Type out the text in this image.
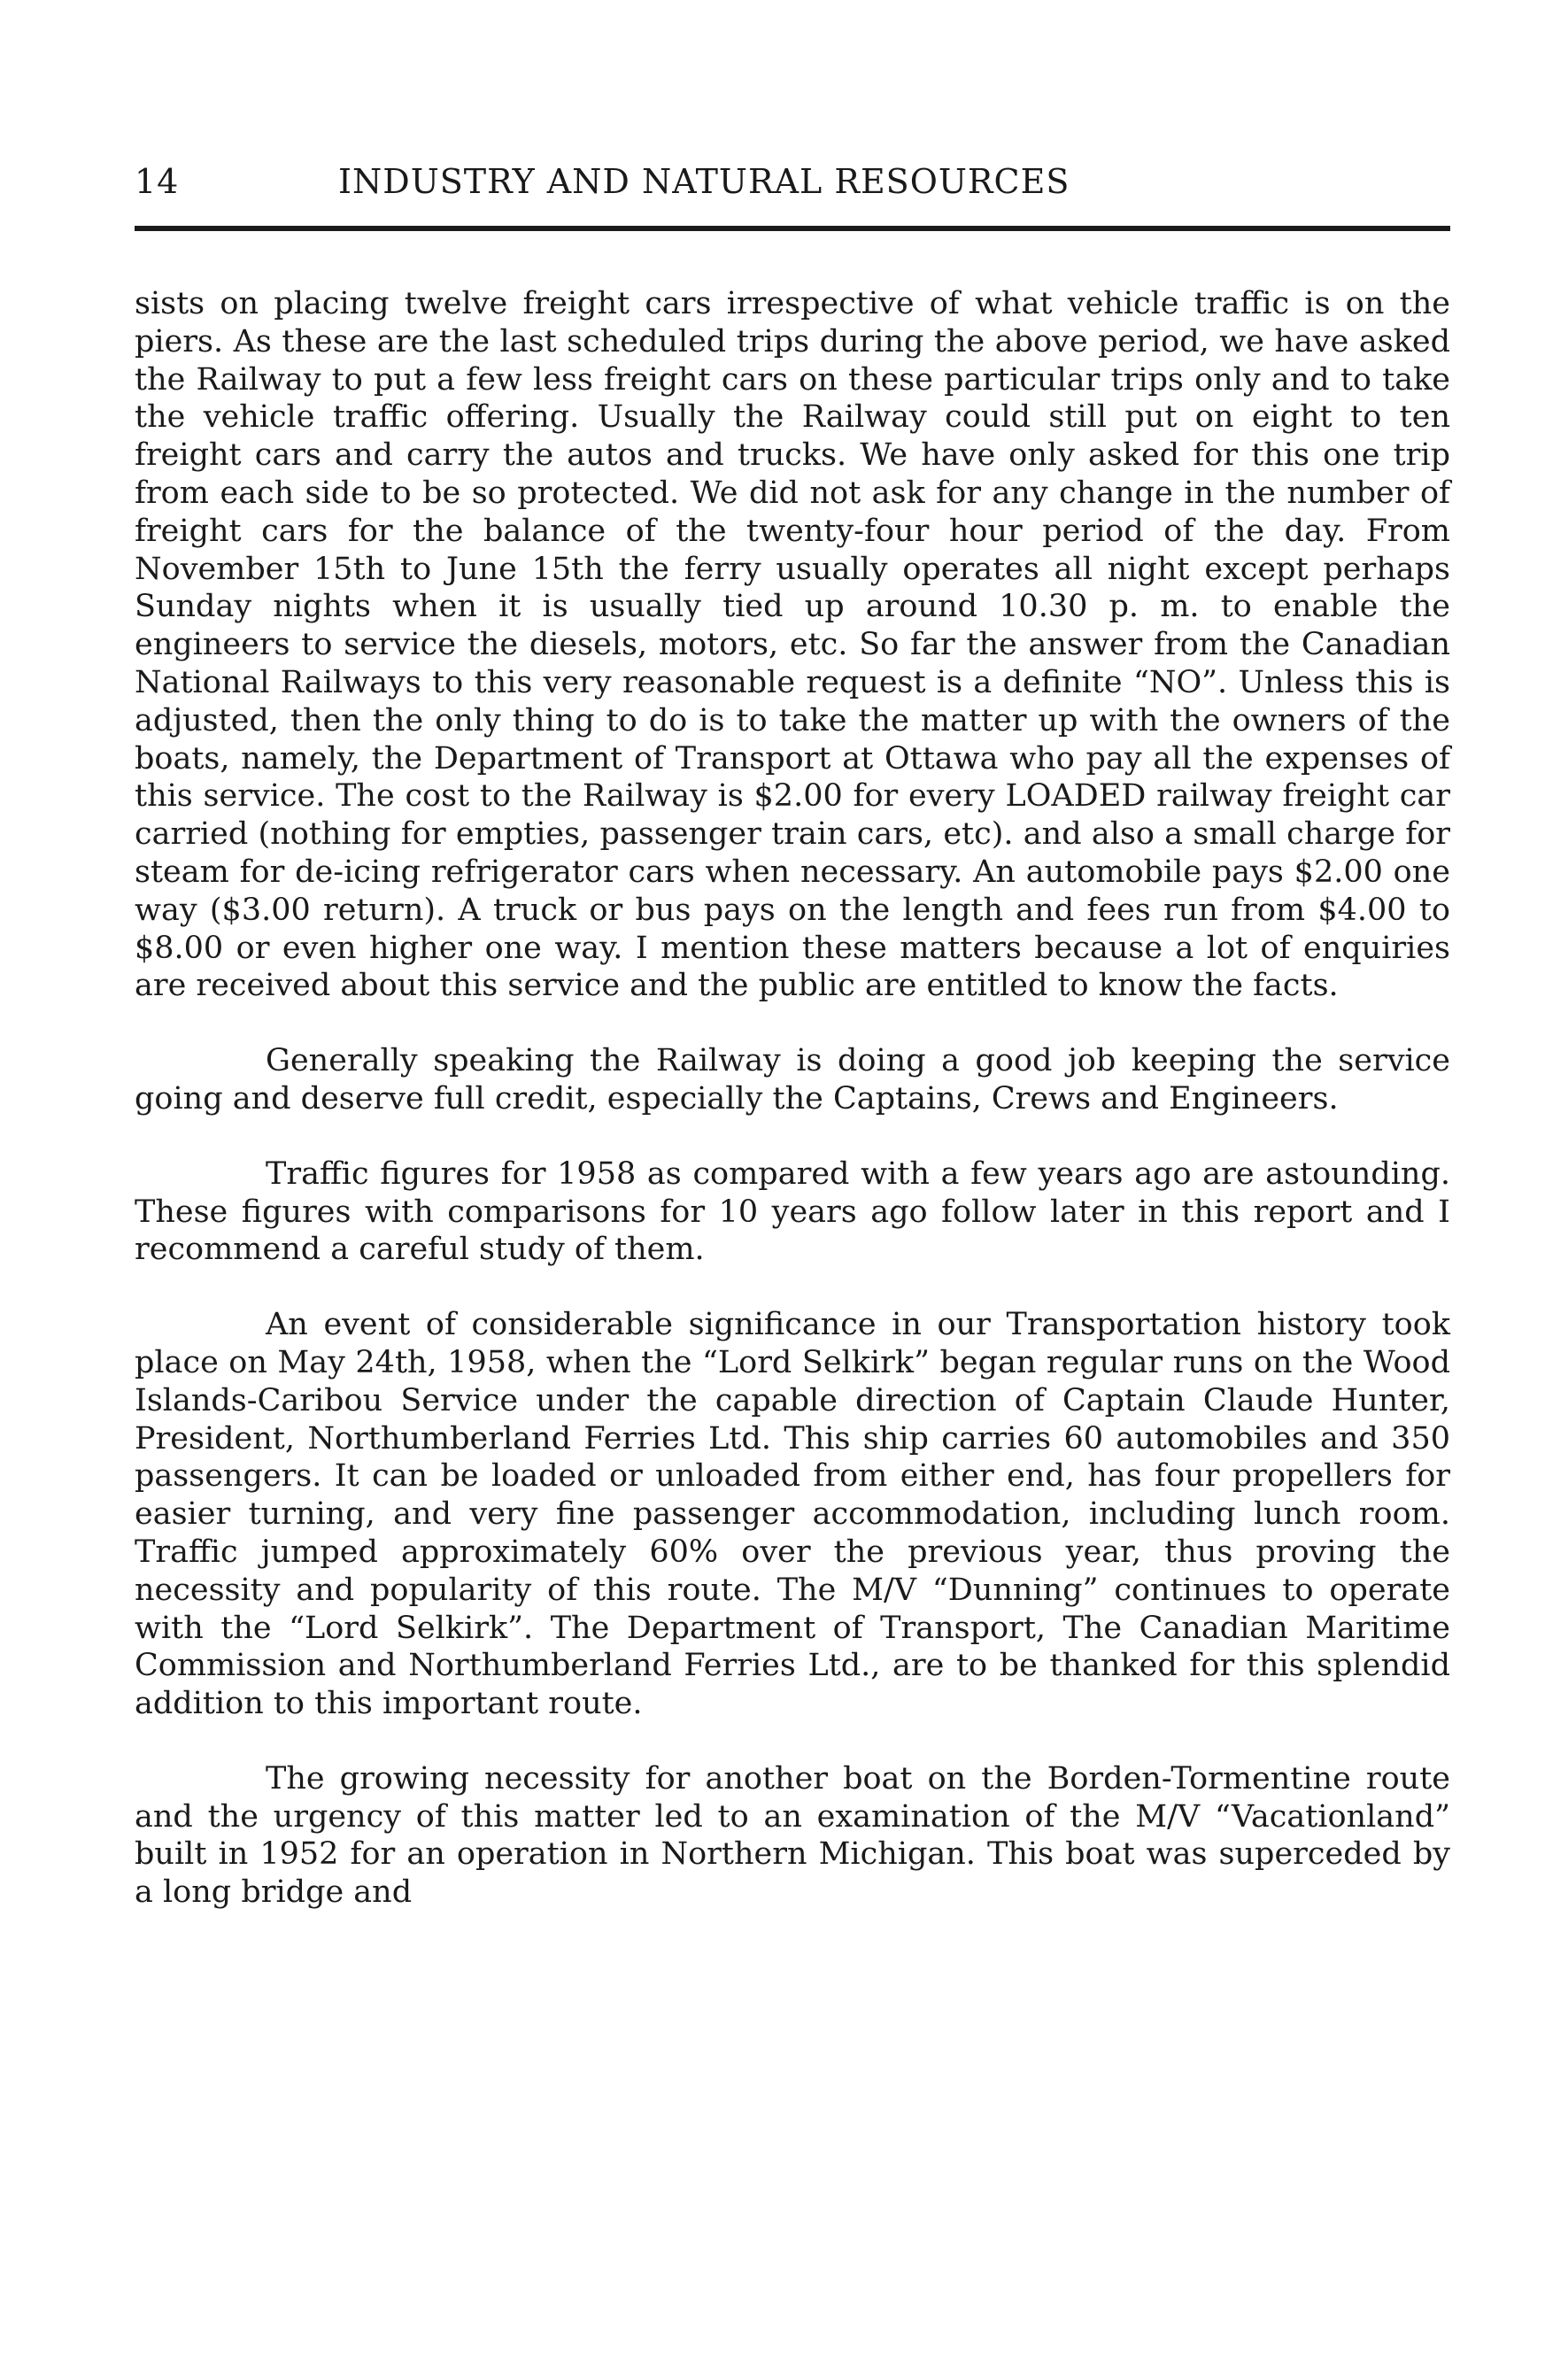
14	INDUSTRY AND NATURAL RESOURCES

sists on placing twelve freight cars irrespective of what vehicle traffic is on the piers. As these are the last scheduled trips during the above period, we have asked the Railway to put a few less freight cars on these particular trips only and to take the vehicle traffic offering. Usually the Railway could still put on eight to ten freight cars and carry the autos and trucks. We have only asked for this one trip from each side to be so protected. We did not ask for any change in the number of freight cars for the balance of the twenty-four hour period of the day. From November 15th to June 15th the ferry usually operates all night except perhaps Sunday nights when it is usually tied up around 10.30 p. m. to enable the engineers to service the diesels, motors, etc. So far the answer from the Canadian National Railways to this very reasonable request is a definite “NO”. Unless this is adjusted, then the only thing to do is to take the matter up with the owners of the boats, namely, the Department of Transport at Ottawa who pay all the expenses of this service. The cost to the Railway is $2.00 for every LOADED railway freight car carried (nothing for empties, passenger train cars, etc). and also a small charge for steam for de-icing refrigerator cars when necessary. An automobile pays $2.00 one way ($3.00 return). A truck or bus pays on the length and fees run from $4.00 to $8.00 or even higher one way. I mention these matters because a lot of enquiries are received about this service and the public are entitled to know the facts.

Generally speaking the Railway is doing a good job keeping the service going and deserve full credit, especially the Captains, Crews and Engineers.

Traffic figures for 1958 as compared with a few years ago are astounding. These figures with comparisons for 10 years ago follow later in this report and I recommend a careful study of them.

An event of considerable significance in our Transportation history took place on May 24th, 1958, when the “Lord Selkirk” began regular runs on the Wood Islands-Caribou Service under the capable direction of Captain Claude Hunter, President, Northumberland Ferries Ltd. This ship carries 60 automobiles and 350 passengers. It can be loaded or unloaded from either end, has four propellers for easier turning, and very fine passenger accommodation, including lunch room. Traffic jumped approximately 60% over the previous year, thus proving the necessity and popularity of this route. The M/V “Dunning” continues to operate with the “Lord Selkirk”. The Department of Transport, The Canadian Maritime Commission and Northumberland Ferries Ltd., are to be thanked for this splendid addition to this important route.

The growing necessity for another boat on the Borden-Tormentine route and the urgency of this matter led to an examination of the M/V “Vacationland” built in 1952 for an operation in Northern Michigan. This boat was superceded by a long bridge and
